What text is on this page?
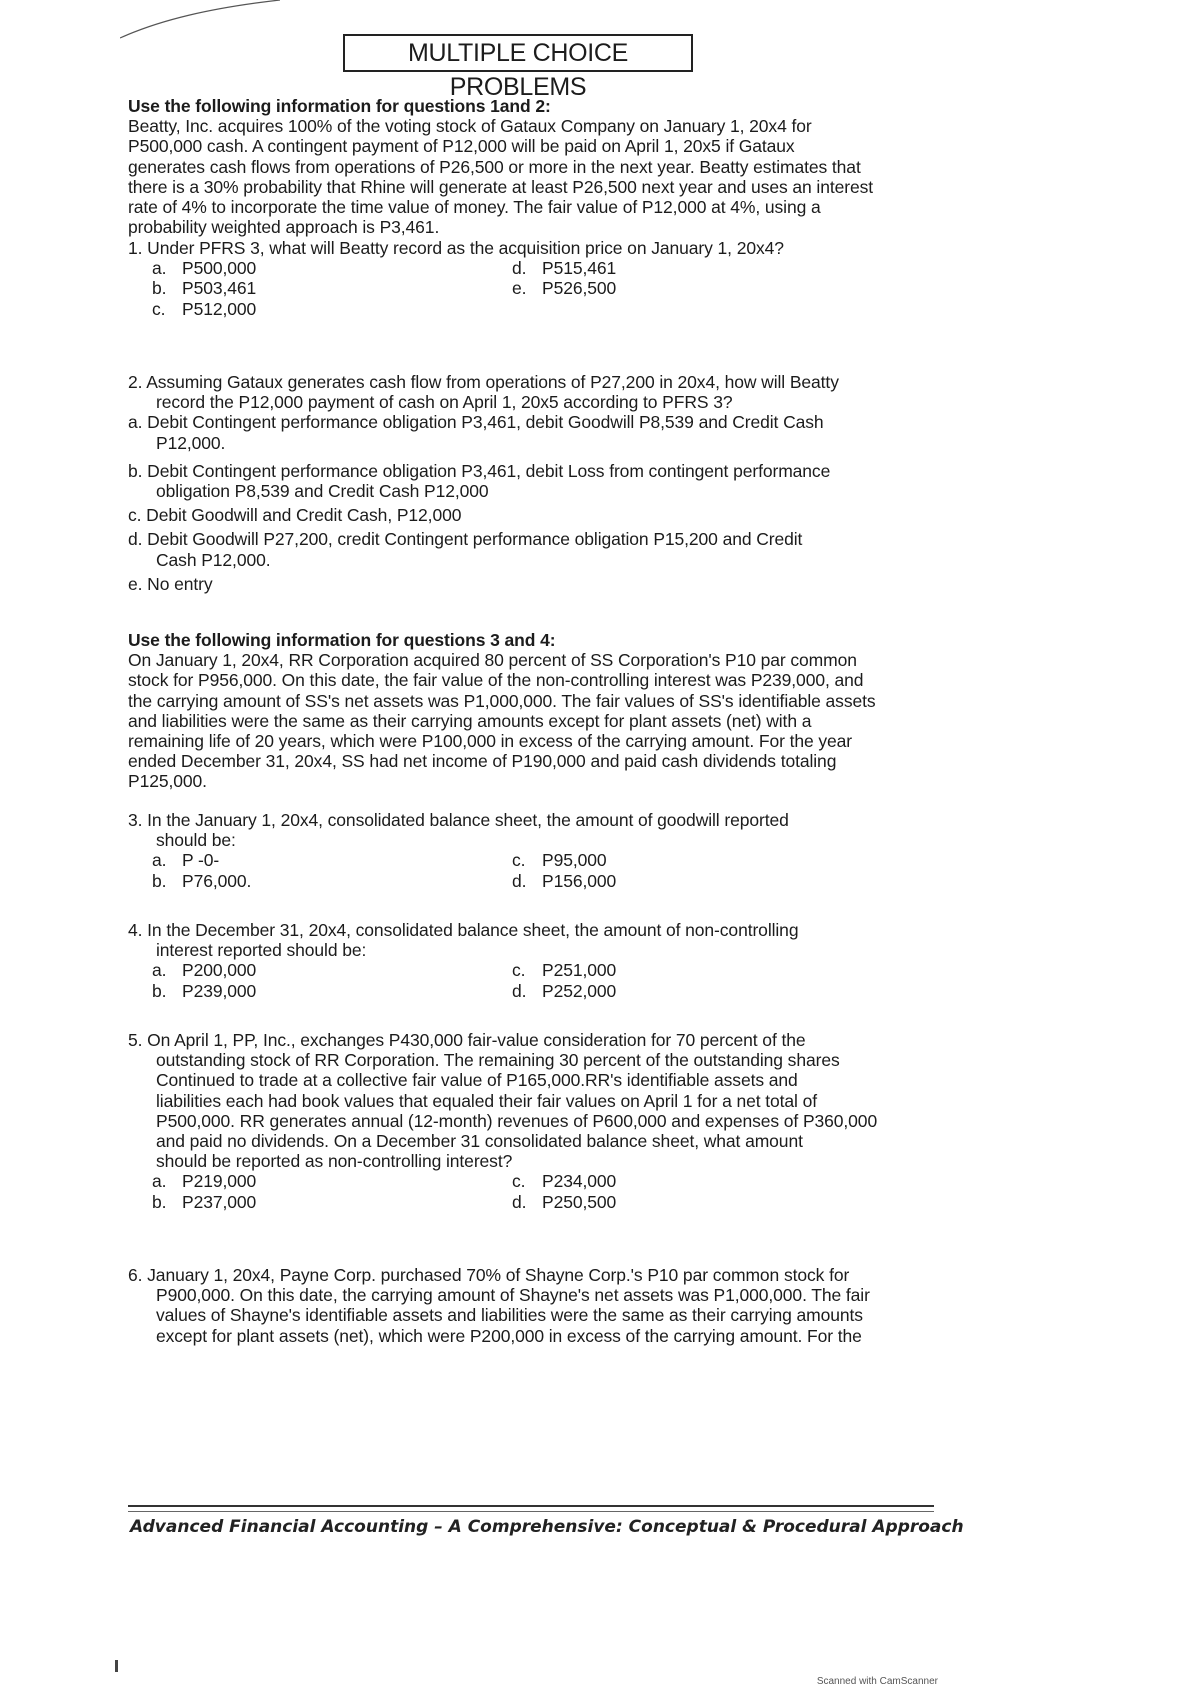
MULTIPLE CHOICE PROBLEMS

Use the following information for questions 1and 2:

Beatty, Inc. acquires 100% of the voting stock of Gataux Company on January 1, 20x4 for

P500,000 cash. A contingent payment of P12,000 will be paid on April 1, 20x5 if Gataux

generates cash flows from operations of P26,500 or more in the next year. Beatty estimates that

there is a 30% probability that Rhine will generate at least P26,500 next year and uses an interest

rate of 4% to incorporate the time value of money. The fair value of P12,000 at 4%, using a

probability weighted approach is P3,461.

1. Under PFRS 3, what will Beatty record as the acquisition price on January 1, 20x4?

a. P500,000	d. P515,461
b. P503,461	e. P526,500
c. P512,000

2. Assuming Gataux generates cash flow from operations of P27,200 in 20x4, how will Beatty

record the P12,000 payment of cash on April 1, 20x5 according to PFRS 3?

a. Debit Contingent performance obligation P3,461, debit Goodwill P8,539 and Credit Cash

P12,000.

b. Debit Contingent performance obligation P3,461, debit Loss from contingent performance

obligation P8,539 and Credit Cash P12,000

c. Debit Goodwill and Credit Cash, P12,000

d. Debit Goodwill P27,200, credit Contingent performance obligation P15,200 and Credit

Cash P12,000.

e. No entry

Use the following information for questions 3 and 4:

On January 1, 20x4, RR Corporation acquired 80 percent of SS Corporation's P10 par common

stock for P956,000. On this date, the fair value of the non-controlling interest was P239,000, and

the carrying amount of SS's net assets was P1,000,000. The fair values of SS's identifiable assets

and liabilities were the same as their carrying amounts except for plant assets (net) with a

remaining life of 20 years, which were P100,000 in excess of the carrying amount. For the year

ended December 31, 20x4, SS had net income of P190,000 and paid cash dividends totaling

P125,000.

3. In the January 1, 20x4, consolidated balance sheet, the amount of goodwill reported

should be:

a. P -0-	c. P95,000
b. P76,000.	d. P156,000

4. In the December 31, 20x4, consolidated balance sheet, the amount of non-controlling

interest reported should be:

a. P200,000	c. P251,000
b. P239,000	d. P252,000

5. On April 1, PP, Inc., exchanges P430,000 fair-value consideration for 70 percent of the

outstanding stock of RR Corporation. The remaining 30 percent of the outstanding shares

Continued to trade at a collective fair value of P165,000.RR's identifiable assets and

liabilities each had book values that equaled their fair values on April 1 for a net total of

P500,000. RR generates annual (12-month) revenues of P600,000 and expenses of P360,000

and paid no dividends. On a December 31 consolidated balance sheet, what amount

should be reported as non-controlling interest?

a. P219,000	c. P234,000
b. P237,000	d. P250,500

6. January 1, 20x4, Payne Corp. purchased 70% of Shayne Corp.'s P10 par common stock for

P900,000. On this date, the carrying amount of Shayne's net assets was P1,000,000. The fair

values of Shayne's identifiable assets and liabilities were the same as their carrying amounts

except for plant assets (net), which were P200,000 in excess of the carrying amount. For the

Advanced Financial Accounting – A Comprehensive: Conceptual & Procedural Approach
Scanned with CamScanner
